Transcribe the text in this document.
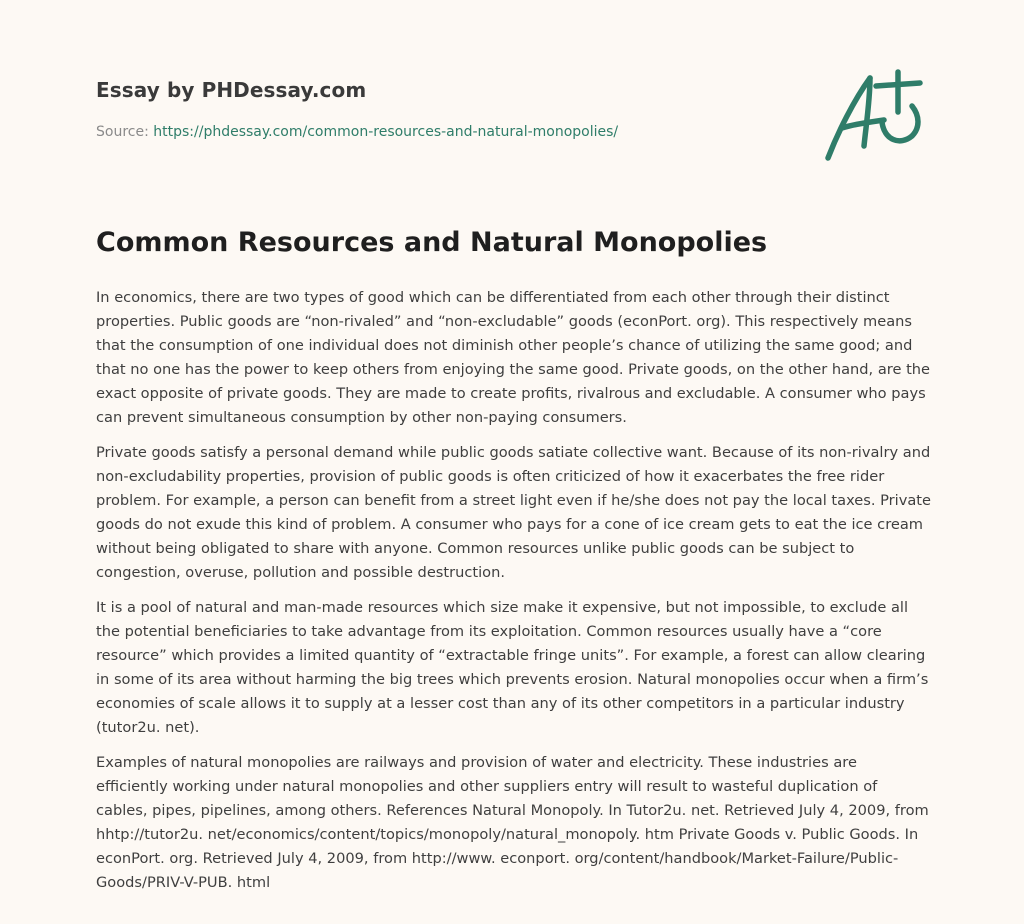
Essay by PHDessay.com

Source: https://phdessay.com/common-resources-and-natural-monopolies/

Common Resources and Natural Monopolies

In economics, there are two types of good which can be differentiated from each other through their distinct properties. Public goods are “non-rivaled” and “non-excludable” goods (econPort. org). This respectively means that the consumption of one individual does not diminish other people’s chance of utilizing the same good; and that no one has the power to keep others from enjoying the same good. Private goods, on the other hand, are the exact opposite of private goods. They are made to create profits, rivalrous and excludable. A consumer who pays can prevent simultaneous consumption by other non-paying consumers.

Private goods satisfy a personal demand while public goods satiate collective want. Because of its non-rivalry and non-excludability properties, provision of public goods is often criticized of how it exacerbates the free rider problem. For example, a person can benefit from a street light even if he/she does not pay the local taxes. Private goods do not exude this kind of problem. A consumer who pays for a cone of ice cream gets to eat the ice cream without being obligated to share with anyone. Common resources unlike public goods can be subject to congestion, overuse, pollution and possible destruction.

It is a pool of natural and man-made resources which size make it expensive, but not impossible, to exclude all the potential beneficiaries to take advantage from its exploitation. Common resources usually have a “core resource” which provides a limited quantity of “extractable fringe units”. For example, a forest can allow clearing in some of its area without harming the big trees which prevents erosion. Natural monopolies occur when a firm’s economies of scale allows it to supply at a lesser cost than any of its other competitors in a particular industry (tutor2u. net).

Examples of natural monopolies are railways and provision of water and electricity. These industries are efficiently working under natural monopolies and other suppliers entry will result to wasteful duplication of cables, pipes, pipelines, among others. References Natural Monopoly. In Tutor2u. net. Retrieved July 4, 2009, from hhtp://tutor2u. net/economics/content/topics/monopoly/natural_monopoly. htm Private Goods v. Public Goods. In econPort. org. Retrieved July 4, 2009, from http://www. econport. org/content/handbook/Market-Failure/Public-Goods/PRIV-V-PUB. html
